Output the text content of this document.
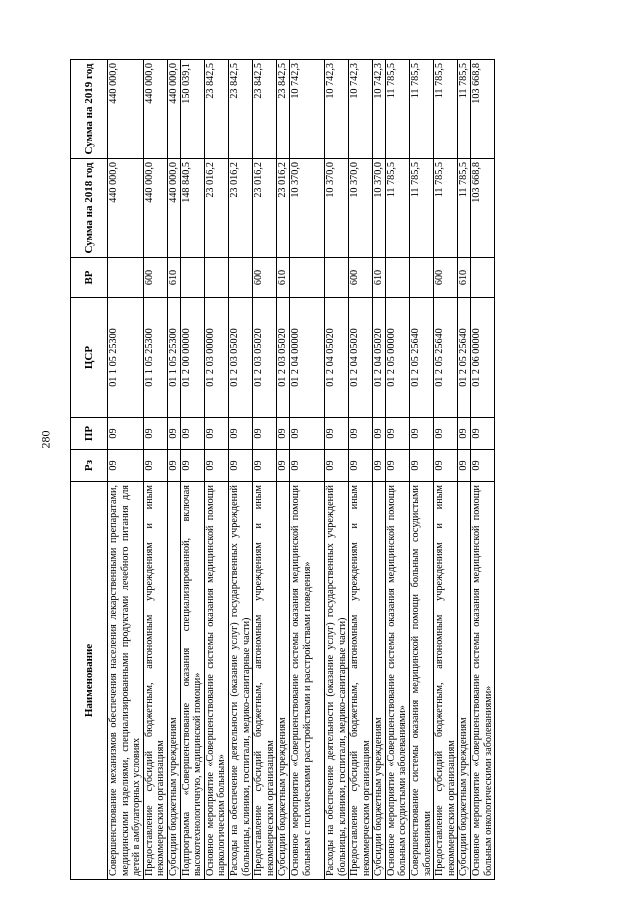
280
Наименование	Рз	ПР	ЦСР	ВР	Сумма на 2018 год	Сумма на 2019 год
Совершенствование механизмов обеспечения населения лекарственными препаратами, медицинскими изделиями, специализированными продуктами лечебного питания для детей в амбулаторных условиях	09	09	01 1 05 25300		440 000,0	440 000,0
Предоставление субсидий бюджетным, автономным учреждениям и иным некоммерческим организациям	09	09	01 1 05 25300	600	440 000,0	440 000,0
Субсидии бюджетным учреждениям	09	09	01 1 05 25300	610	440 000,0	440 000,0
Подпрограмма «Совершенствование оказания специализированной, включая высокотехнологичную, медицинской помощи»	09	09	01 2 00 00000		148 840,5	150 039,1
Основное мероприятие «Совершенствование системы оказания медицинской помощи наркологическим больным»	09	09	01 2 03 00000		23 016,2	23 842,5
Расходы на обеспечение деятельности (оказание услуг) государственных учреждений (больницы, клиники, госпитали, медико-санитарные части)	09	09	01 2 03 05020		23 016,2	23 842,5
Предоставление субсидий бюджетным, автономным учреждениям и иным некоммерческим организациям	09	09	01 2 03 05020	600	23 016,2	23 842,5
Субсидии бюджетным учреждениям	09	09	01 2 03 05020	610	23 016,2	23 842,5
Основное мероприятие «Совершенствование системы оказания медицинской помощи больным с психическими расстройствами и расстройствами поведения»	09	09	01 2 04 00000		10 370,0	10 742,3
Расходы на обеспечение деятельности (оказание услуг) государственных учреждений (больницы, клиники, госпитали, медико-санитарные части)	09	09	01 2 04 05020		10 370,0	10 742,3
Предоставление субсидий бюджетным, автономным учреждениям и иным некоммерческим организациям	09	09	01 2 04 05020	600	10 370,0	10 742,3
Субсидии бюджетным учреждениям	09	09	01 2 04 05020	610	10 370,0	10 742,3
Основное мероприятие «Совершенствование системы оказания медицинской помощи больным сосудистыми заболеваниями»	09	09	01 2 05 00000		11 785,5	11 785,5
Совершенствование системы оказания медицинской помощи больным сосудистыми заболеваниями	09	09	01 2 05 25640		11 785,5	11 785,5
Предоставление субсидий бюджетным, автономным учреждениям и иным некоммерческим организациям	09	09	01 2 05 25640	600	11 785,5	11 785,5
Субсидии бюджетным учреждениям	09	09	01 2 05 25640	610	11 785,5	11 785,5
Основное мероприятие «Совершенствование системы оказания медицинской помощи больным онкологическими заболеваниями»	09	09	01 2 06 00000		103 668,8	103 668,8
